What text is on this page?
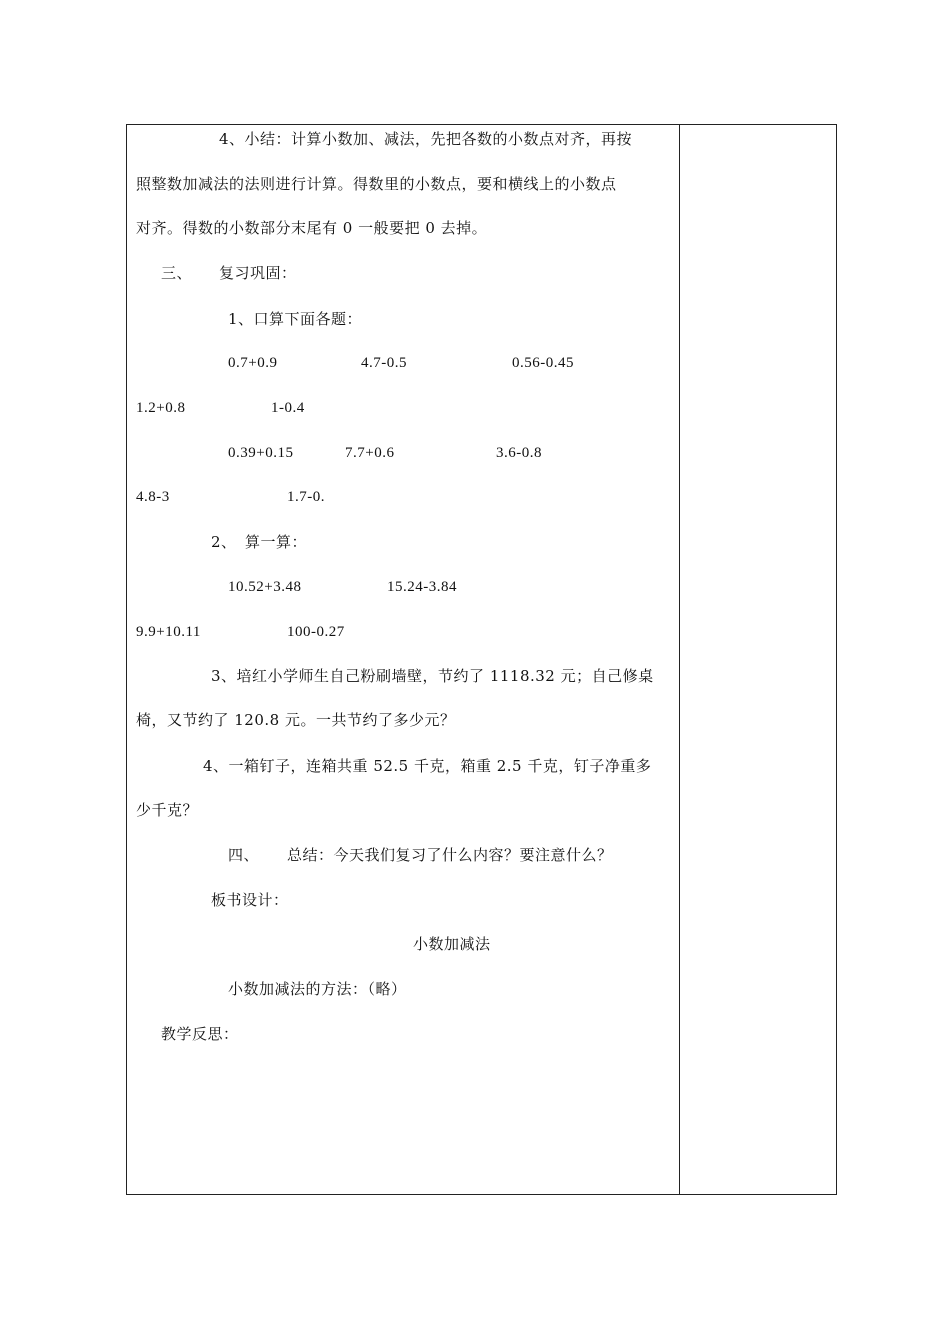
4、小结：计算小数加、减法，先把各数的小数点对齐，再按
照整数加减法的法则进行计算。得数里的小数点，要和横线上的小数点
对齐。得数的小数部分末尾有 0 一般要把 0 去掉。
三、 复习巩固：
1、口算下面各题：
0.7+0.9	4.7-0.5	0.56-0.45
1.2+0.8	1-0.4
0.39+0.15	7.7+0.6	3.6-0.8
4.8-3	1.7-0.
2、 算一算：
10.52+3.48	15.24-3.84
9.9+10.11	100-0.27
3、培红小学师生自己粉刷墙壁，节约了 1118.32 元；自己修桌
椅，又节约了 120.8 元。一共节约了多少元？
4、一箱钉子，连箱共重 52.5 千克，箱重 2.5 千克，钉子净重多
少千克？
四、 总结：今天我们复习了什么内容？要注意什么？
板书设计：
小数加减法
小数加减法的方法：（略）
教学反思：
